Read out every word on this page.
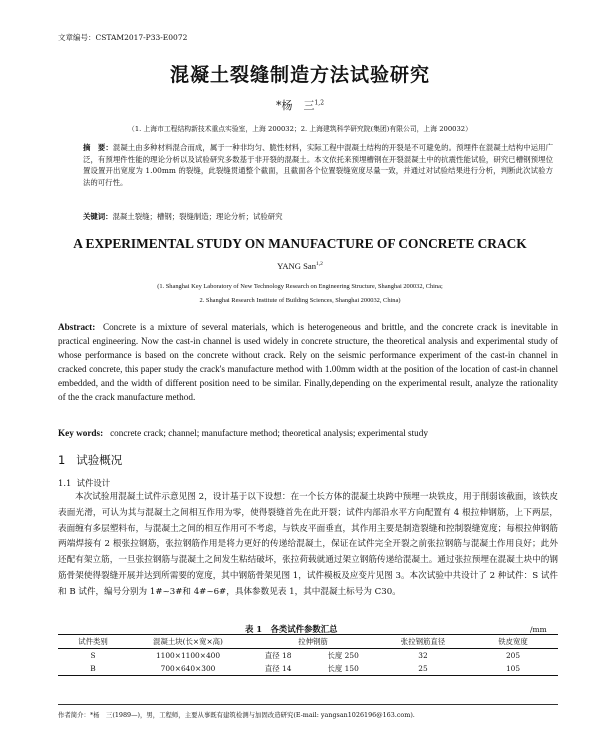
文章编号：CSTAM2017-P33-E0072
混凝土裂缝制造方法试验研究
*杨　三$^{1,2}$
（1. 上海市工程结构新技术重点实验室，上海 200032；2. 上海建筑科学研究院(集团)有限公司，上海 200032）
摘　要：混凝土由多种材料混合而成，属于一种非均匀、脆性材料，实际工程中混凝土结构的开裂是不可避免的。预埋件在混凝土结构中运用广泛，有预埋件性能的理论分析以及试验研究多数基于非开裂的混凝土。本文依托来预埋槽钢在开裂混凝土中的抗震性能试验，研究已槽钢预埋位置设置开出宽度为 1.00mm 的裂缝，此裂缝贯通整个截面，且截面各个位置裂缝宽度尽量一致，并通过对试验结果进行分析，判断此次试验方法的可行性。
关键词：混凝土裂缝；槽钢；裂缝制造；理论分析；试验研究
A EXPERIMENTAL STUDY ON MANUFACTURE OF CONCRETE CRACK
YANG San$^{1,2}$
(1. Shanghai Key Laboratory of New Technology Research on Engineering Structure, Shanghai 200032, China;
2. Shanghai Research Institute of Building Sciences, Shanghai 200032, China)
Abstract: Concrete is a mixture of several materials, which is heterogeneous and brittle, and the concrete crack is inevitable in practical engineering. Now the cast-in channel is used widely in concrete structure, the theoretical analysis and experimental study of whose performance is based on the concrete without crack. Rely on the seismic performance experiment of the cast-in channel in cracked concrete, this paper study the crack's manufacture method with 1.00mm width at the position of the location of cast-in channel embedded, and the width of different position need to be similar. Finally,depending on the experimental result, analyze the rationality of the the crack manufacture method.
Key words: concrete crack; channel; manufacture method; theoretical analysis; experimental study
1 试验概况
1.1 试件设计
本次试验用混凝土试件示意见图 2，设计基于以下设想：在一个长方体的混凝土块跨中预埋一块铁皮，用于削弱该截面，该铁皮表面光滑，可认为其与混凝土之间相互作用为零，使得裂缝首先在此开裂；试件内部沿水平方向配置有 4 根拉伸钢筋，上下两层，表面缠有多层塑料布，与混凝土之间的相互作用可不考虑，与铁皮平面垂直，其作用主要是制造裂缝和控制裂缝宽度；每根拉伸钢筋两端焊接有 2 根张拉钢筋，张拉钢筋作用是将力更好的传递给混凝土，保证在试件完全开裂之前张拉钢筋与混凝土作用良好；此外还配有架立筋，一旦张拉钢筋与混凝土之间发生粘结破坏，张拉荷载就通过架立钢筋传递给混凝土。通过张拉预埋在混凝土块中的钢筋骨架使得裂缝开展并达到所需要的宽度，其中钢筋骨架见图 1，试件模板及应变片见图 3。本次试验中共设计了 2 种试件：S 试件和 B 试件，编号分别为 1#~3#和 4#~6#，具体参数见表 1，其中混凝土标号为 C30。
表 1　各类试件参数汇总	/mm
试件类别	混凝土块(长×宽×高)	拉伸钢筋		张拉钢筋直径	铁皮宽度
S	1100×1100×400	直径 18	长度 250	32	205
B	700×640×300	直径 14	长度 150	25	105
作者简介：*杨　三(1989—)，男，工程师，主要从事既有建筑检测与加固改造研究(E-mail: yangsan1026196@163.com).
